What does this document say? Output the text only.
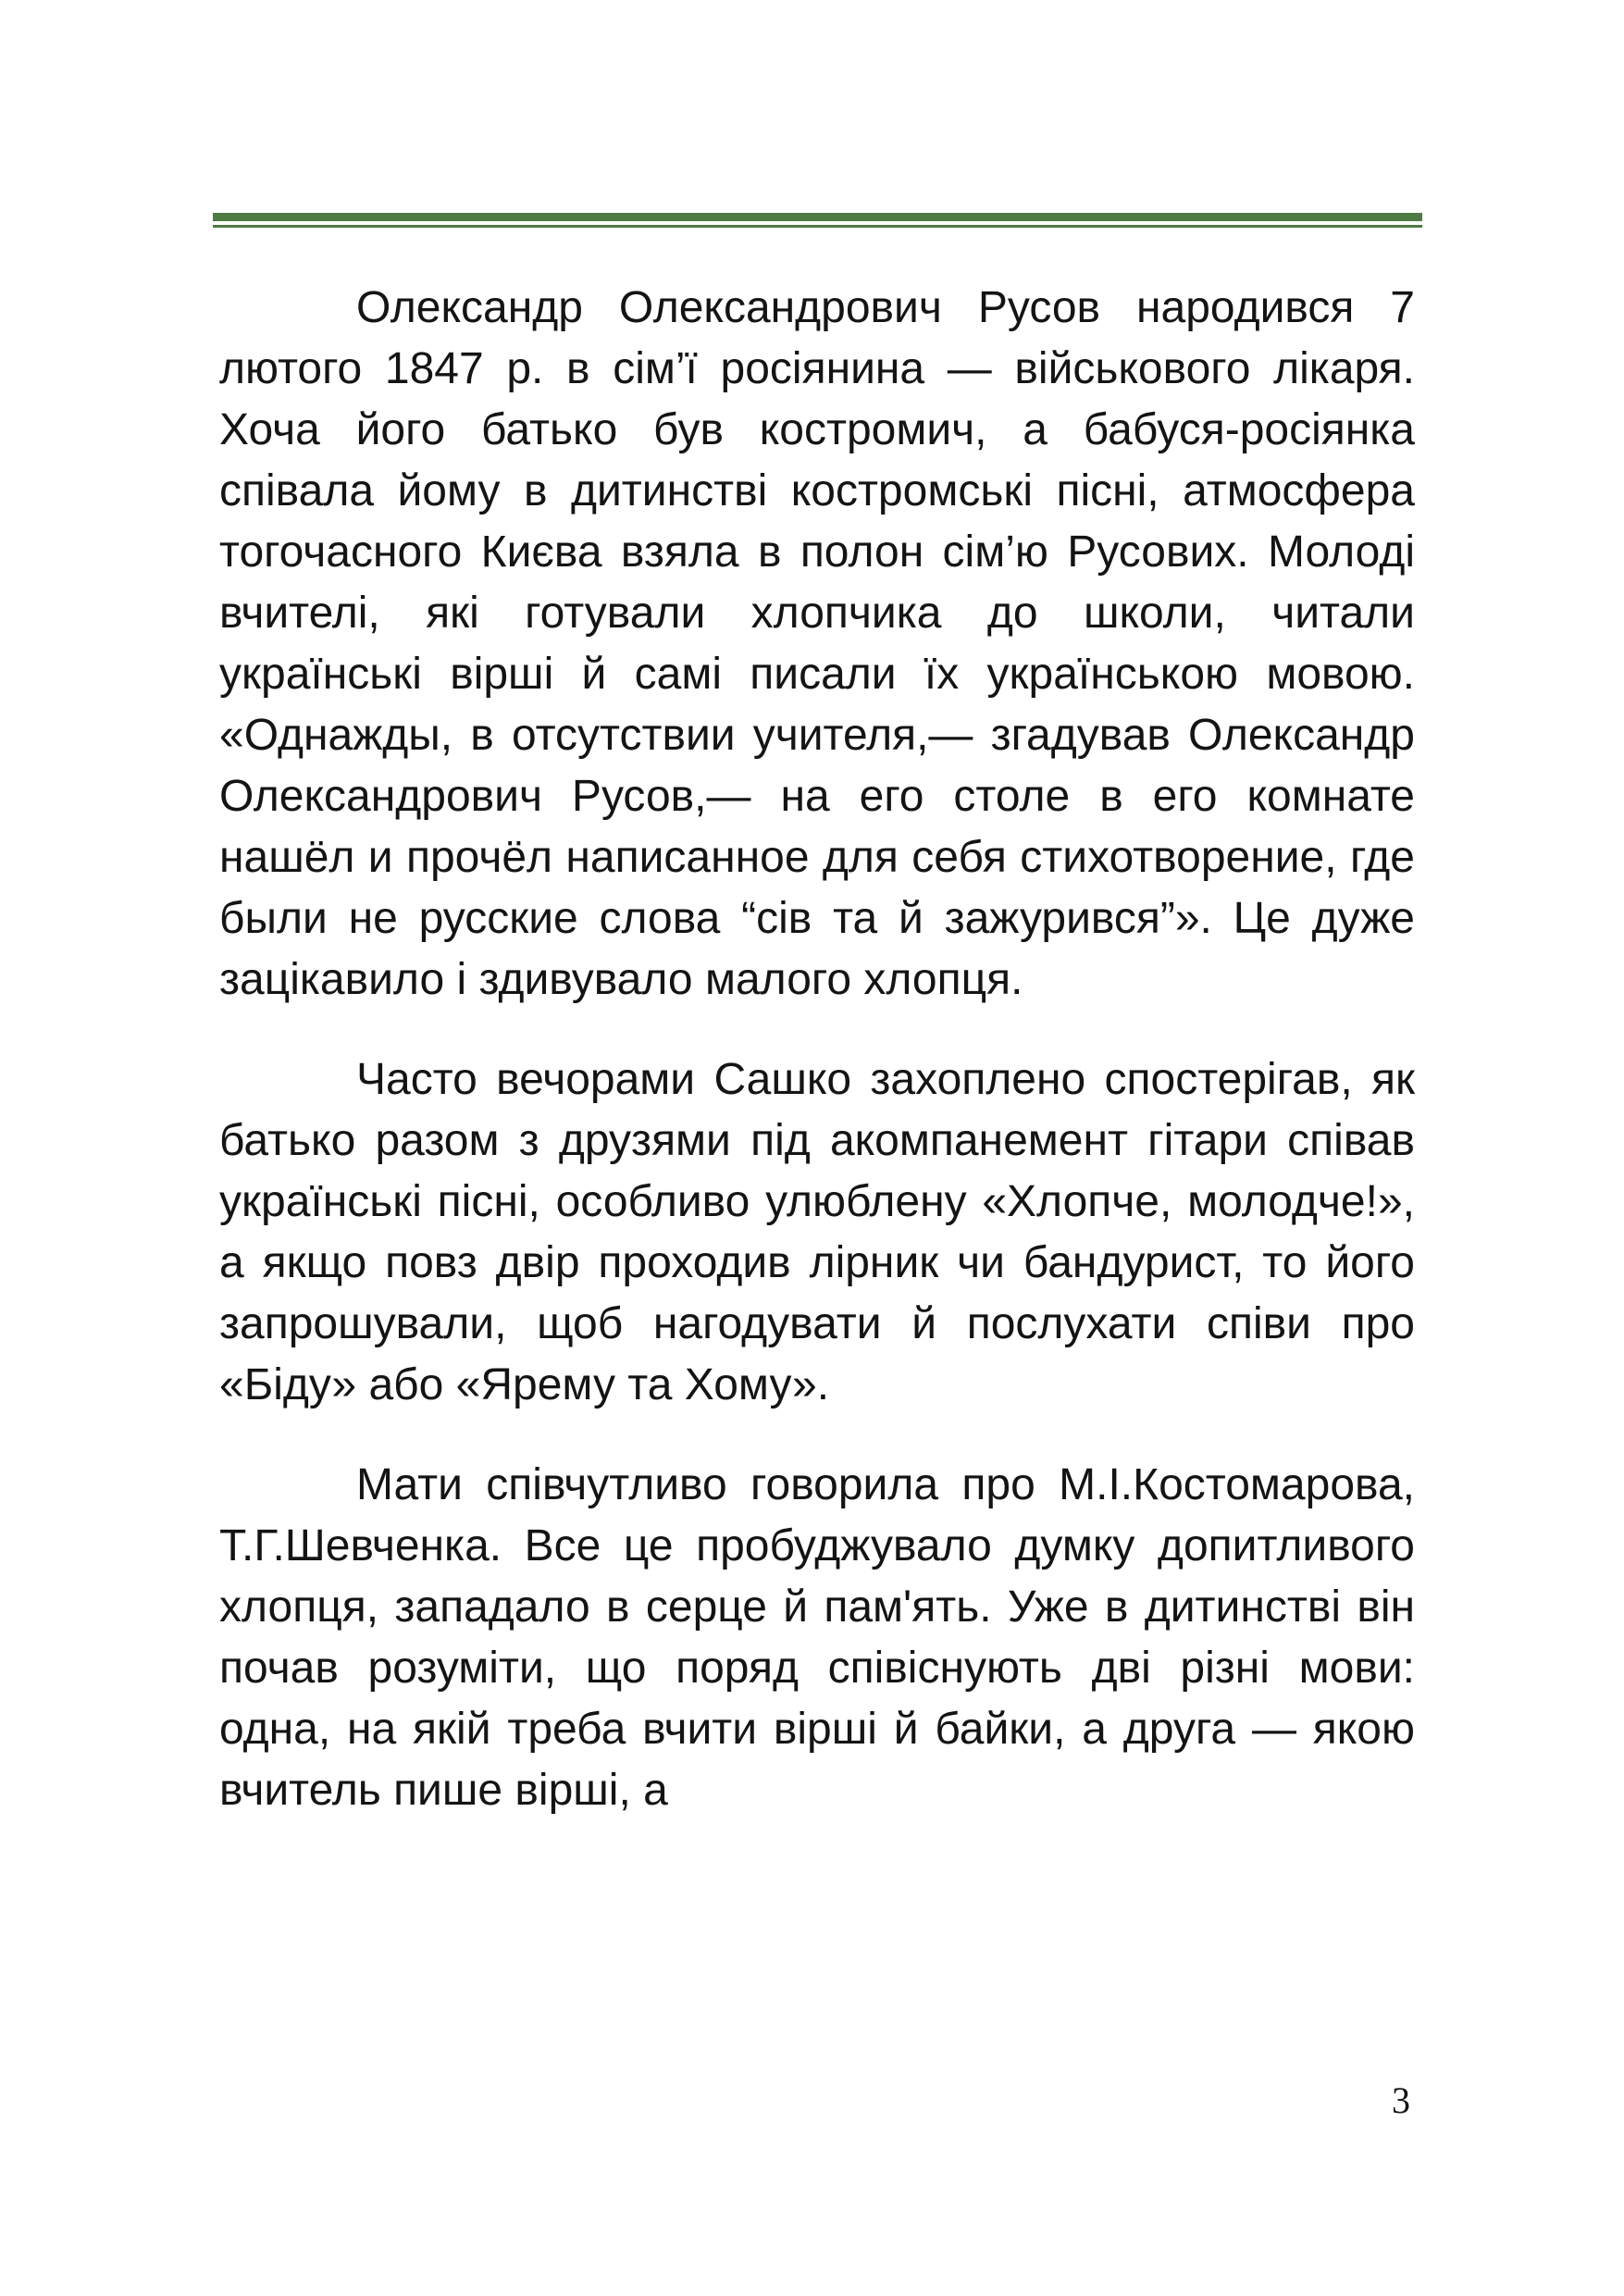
Олександр Олександрович Русов народився 7 лютого 1847 р. в сім’ї росіянина — військового лікаря. Хоча його батько був костромич, а бабуся-росіянка співала йому в дитинстві костромські пісні, атмосфера тогочасного Києва взяла в полон сім’ю Русових. Молоді вчителі, які готували хлопчика до школи, читали українські вірші й самі писали їх українською мовою. «Однажды, в отсутствии учителя,— згадував Олександр Олександрович Русов,— на его столе в его комнате нашёл и прочёл написанное для себя стихотворение, где были не русские слова “сів та й зажурився”». Це дуже зацікавило і здивувало малого хлопця.

Часто вечорами Сашко захоплено спостерігав, як батько разом з друзями під акомпанемент гітари співав українські пісні, особливо улюблену «Хлопче, молодче!», а якщо повз двір проходив лірник чи бандурист, то його запрошували, щоб нагодувати й послухати співи про «Біду» або «Ярему та Хому».

Мати співчутливо говорила про М.І.Костомарова, Т.Г.Шевченка. Все це пробуджувало думку допитливого хлопця, западало в серце й пам'ять. Уже в дитинстві він почав розуміти, що поряд співіснують дві різні мови: одна, на якій треба вчити вірші й байки, а друга — якою вчитель пише вірші, а

3
